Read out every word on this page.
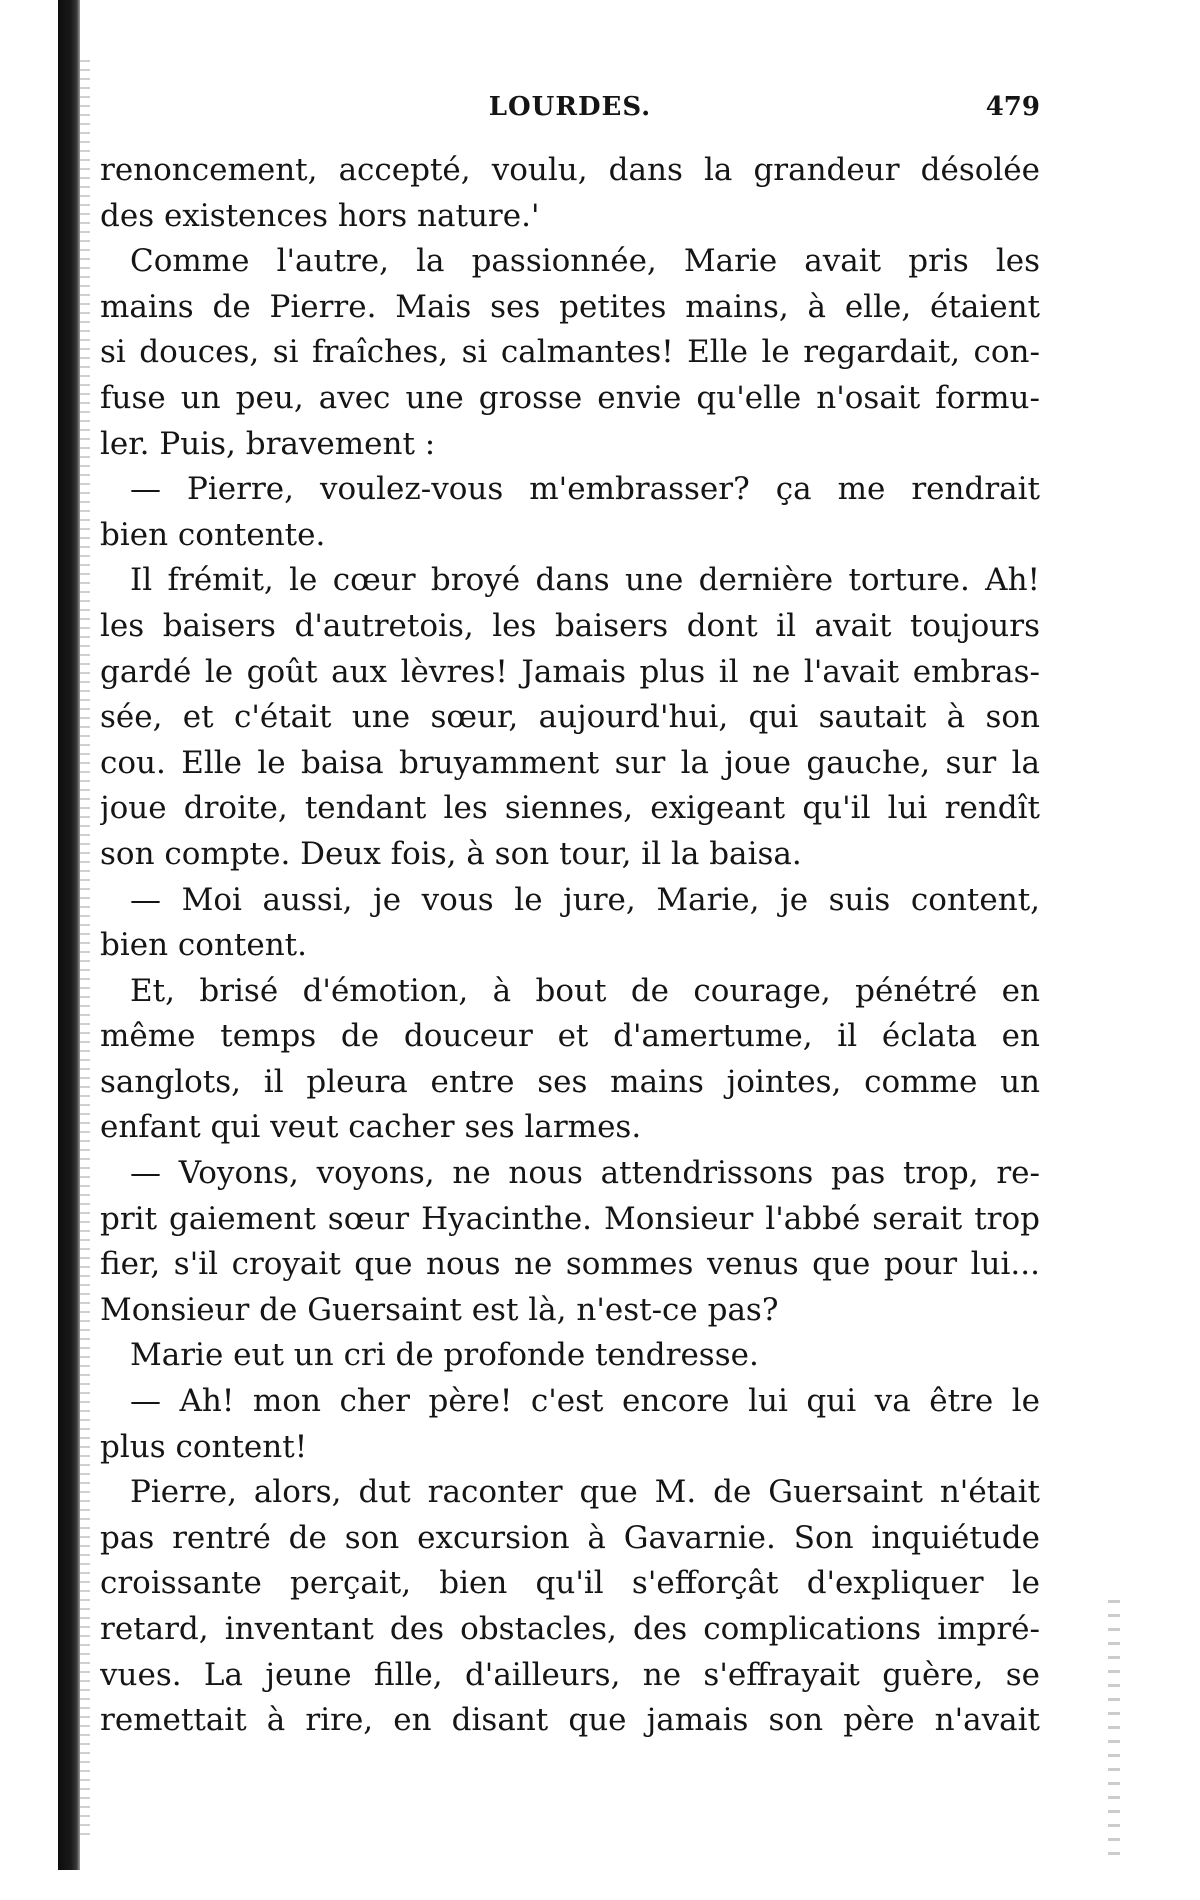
LOURDES.	479
renoncement, accepté, voulu, dans la grandeur désolée
des existences hors nature.'
Comme l'autre, la passionnée, Marie avait pris les
mains de Pierre. Mais ses petites mains, à elle, étaient
si douces, si fraîches, si calmantes! Elle le regardait, con-
fuse un peu, avec une grosse envie qu'elle n'osait formu-
ler. Puis, bravement :
— Pierre, voulez-vous m'embrasser? ça me rendrait
bien contente.
Il frémit, le cœur broyé dans une dernière torture. Ah!
les baisers d'autretois, les baisers dont il avait toujours
gardé le goût aux lèvres! Jamais plus il ne l'avait embras-
sée, et c'était une sœur, aujourd'hui, qui sautait à son
cou. Elle le baisa bruyamment sur la joue gauche, sur la
joue droite, tendant les siennes, exigeant qu'il lui rendît
son compte. Deux fois, à son tour, il la baisa.
— Moi aussi, je vous le jure, Marie, je suis content,
bien content.
Et, brisé d'émotion, à bout de courage, pénétré en
même temps de douceur et d'amertume, il éclata en
sanglots, il pleura entre ses mains jointes, comme un
enfant qui veut cacher ses larmes.
— Voyons, voyons, ne nous attendrissons pas trop, re-
prit gaiement sœur Hyacinthe. Monsieur l'abbé serait trop
fier, s'il croyait que nous ne sommes venus que pour lui...
Monsieur de Guersaint est là, n'est-ce pas?
Marie eut un cri de profonde tendresse.
— Ah! mon cher père! c'est encore lui qui va être le
plus content!
Pierre, alors, dut raconter que M. de Guersaint n'était
pas rentré de son excursion à Gavarnie. Son inquiétude
croissante perçait, bien qu'il s'efforçât d'expliquer le
retard, inventant des obstacles, des complications impré-
vues. La jeune fille, d'ailleurs, ne s'effrayait guère, se
remettait à rire, en disant que jamais son père n'avait
